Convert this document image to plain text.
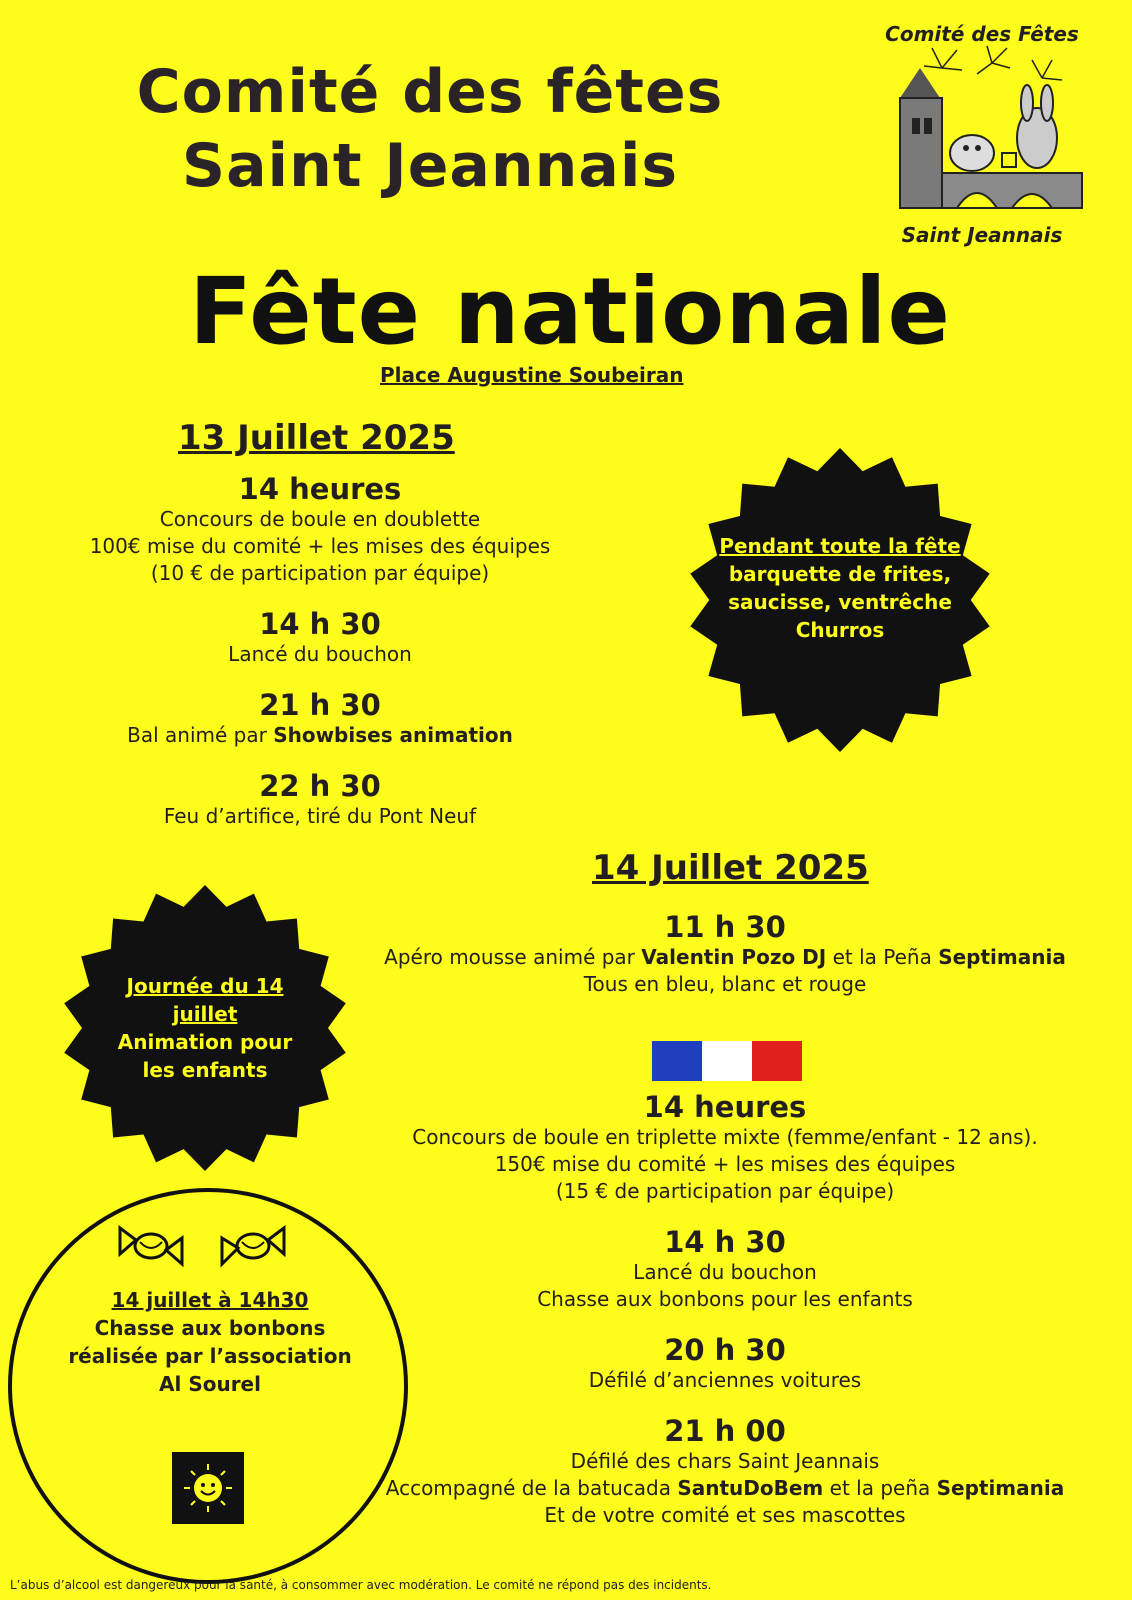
Comité des fêtes
Saint Jeannais
Comité des Fêtes
Saint Jeannais
Fête nationale
Place Augustine Soubeiran
13 Juillet 2025
14 heures
Concours de boule en doublette
100€ mise du comité + les mises des équipes
(10 € de participation par équipe)
14 h 30
Lancé du bouchon
21 h 30
Bal animé par Showbises animation
22 h 30
Feu d’artifice, tiré du Pont Neuf
Pendant toute la fête
barquette de frites,
saucisse, ventrêche
Churros
Journée du 14 juillet
Animation pour
les enfants
14 juillet à 14h30
Chasse aux bonbons
réalisée par l’association
Al Sourel
14 Juillet 2025
11 h 30
Apéro mousse animé par Valentin Pozo DJ et la Peña Septimania
Tous en bleu, blanc et rouge
14 heures
Concours de boule en triplette mixte (femme/enfant - 12 ans).
150€ mise du comité + les mises des équipes
(15 € de participation par équipe)
14 h 30
Lancé du bouchon
Chasse aux bonbons pour les enfants
20 h 30
Défilé d’anciennes voitures
21 h 00
Défilé des chars Saint Jeannais
Accompagné de la batucada SantuDoBem et la peña Septimania
Et de votre comité et ses mascottes
L’abus d’alcool est dangereux pour la santé, à consommer avec modération. Le comité ne répond pas des incidents.
